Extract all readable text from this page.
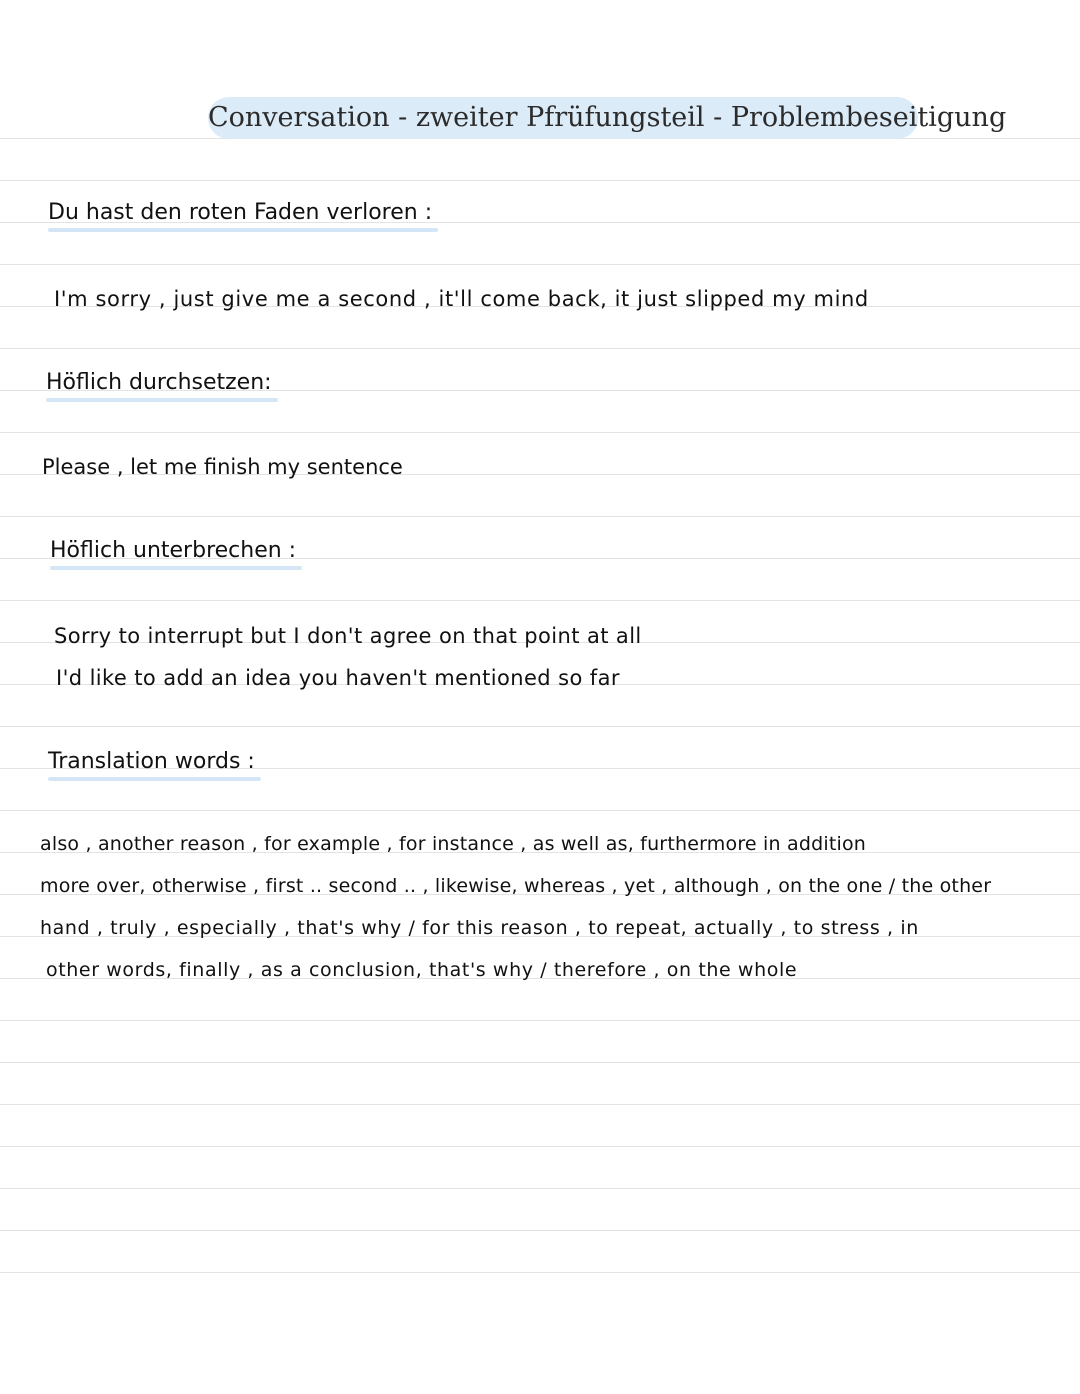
Conversation - zweiter Pfrüfungsteil - Problembeseitigung
Du hast den roten Faden verloren :
I'm sorry , just give me a second , it'll come back, it just slipped my mind
Höflich durchsetzen:
Please , let me finish my sentence
Höflich unterbrechen :
Sorry to interrupt but I don't agree on that point at all
I'd like to add an idea you haven't mentioned so far
Translation words :
also , another reason , for example , for instance , as well as, furthermore in addition
more over, otherwise , first .. second .. , likewise, whereas , yet , although , on the one / the other
hand , truly , especially , that's why / for this reason , to repeat, actually , to stress , in
other words, finally , as a conclusion, that's why / therefore , on the whole
